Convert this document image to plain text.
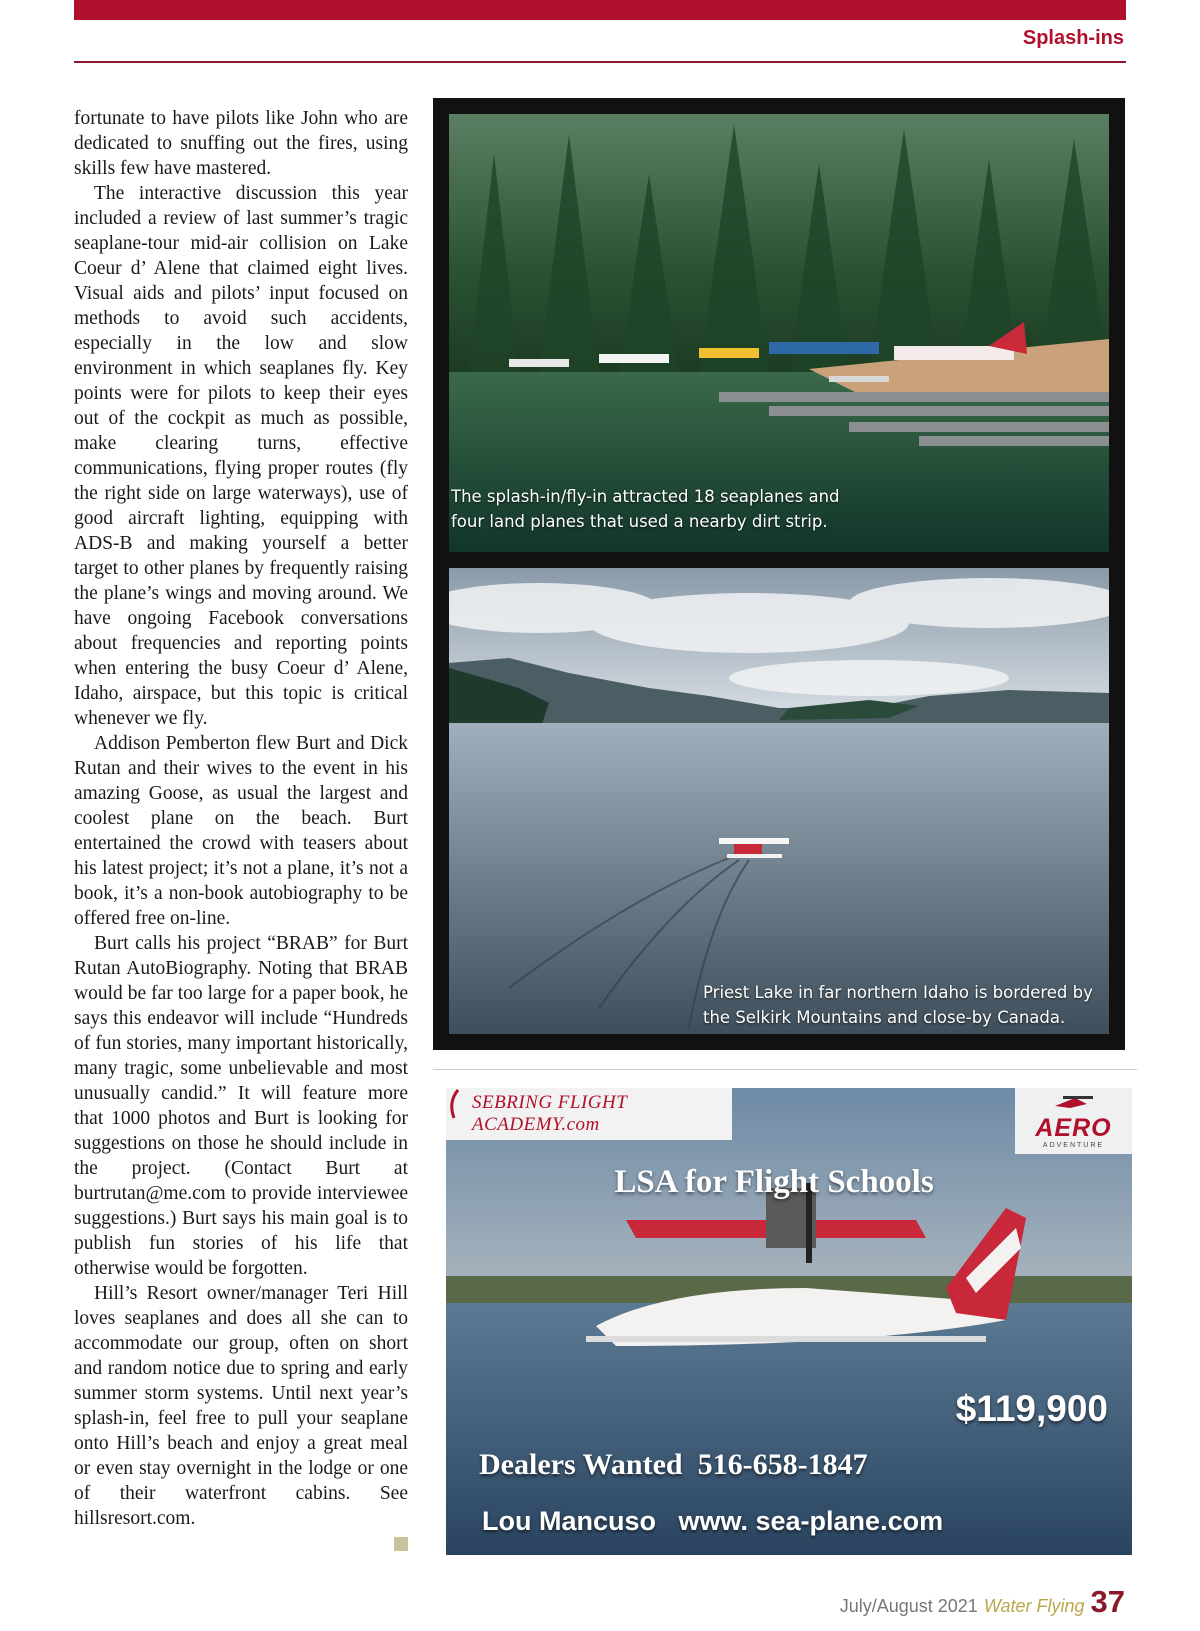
Splash-ins

fortunate to have pilots like John who are dedicated to snuffing out the fires, using skills few have mastered.

The interactive discussion this year included a review of last summer’s tragic seaplane-tour mid-air collision on Lake Coeur d’ Alene that claimed eight lives. Visual aids and pilots’ input focused on methods to avoid such accidents, especially in the low and slow environment in which seaplanes fly. Key points were for pilots to keep their eyes out of the cockpit as much as possible, make clearing turns, effective communications, flying proper routes (fly the right side on large waterways), use of good aircraft lighting, equipping with ADS-B and making yourself a better target to other planes by frequently raising the plane’s wings and moving around. We have ongoing Facebook conversations about frequencies and reporting points when entering the busy Coeur d’ Alene, Idaho, airspace, but this topic is critical whenever we fly.

Addison Pemberton flew Burt and Dick Rutan and their wives to the event in his amazing Goose, as usual the largest and coolest plane on the beach. Burt entertained the crowd with teasers about his latest project; it’s not a plane, it’s not a book, it’s a non-book autobiography to be offered free on-line.

Burt calls his project “BRAB” for Burt Rutan AutoBiography. Noting that BRAB would be far too large for a paper book, he says this endeavor will include “Hundreds of fun stories, many important historically, many tragic, some unbelievable and most unusually candid.” It will feature more that 1000 photos and Burt is looking for suggestions on those he should include in the project. (Contact Burt at burtrutan@me.com to provide interviewee suggestions.) Burt says his main goal is to publish fun stories of his life that otherwise would be forgotten.

Hill’s Resort owner/manager Teri Hill loves seaplanes and does all she can to accommodate our group, often on short and random notice due to spring and early summer storm systems. Until next year’s splash-in, feel free to pull your seaplane onto Hill’s beach and enjoy a great meal or even stay overnight in the lodge or one of their waterfront cabins. See hillsresort.com.

The splash-in/fly-in attracted 18 seaplanes and four land planes that used a nearby dirt strip.
Priest Lake in far northern Idaho is bordered by the Selkirk Mountains and close-by Canada.
SEBRING FLIGHT ACADEMY.com	AERO
ADVENTURE
LSA for Flight Schools
$119,900
Dealers Wanted  516-658-1847
Lou Mancuso   www. sea-plane.com
July/August 2021 Water Flying 37
